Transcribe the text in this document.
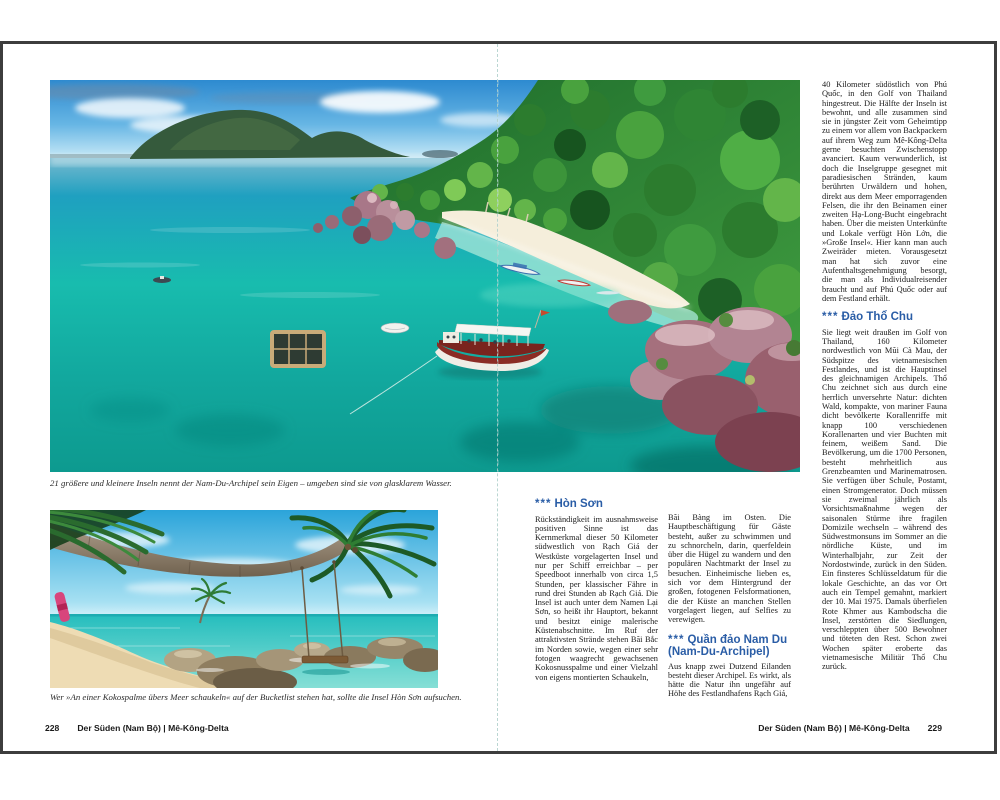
21 größere und kleinere Inseln nennt der Nam-Du-Archipel sein Eigen – umgeben sind sie von glasklarem Wasser.
Wer »An einer Kokospalme übers Meer schaukeln« auf der Bucketlist stehen hat, sollte die Insel Hòn Sơn aufsuchen.
*** Hòn Sơn
Rückständigkeit im ausnahmsweise positiven Sinne ist das Kernmerkmal dieser 50 Kilometer südwestlich von Rạch Giá der Westküste vorgelagerten Insel und nur per Schiff erreichbar – per Speedboot innerhalb von circa 1,5 Stunden, per klassischer Fähre in rund drei Stunden ab Rạch Giá. Die Insel ist auch unter dem Namen Lại Sơn, so heißt ihr Hauptort, bekannt und besitzt einige malerische Küstenabschnitte. Im Ruf der attraktivsten Strände stehen Bãi Bắc im Norden sowie, wegen einer sehr fotogen waagrecht gewachsenen Kokosnusspalme und einer Vielzahl von eigens montierten Schaukeln,
Bãi Bàng im Osten. Die Hauptbeschäftigung für Gäste besteht, außer zu schwimmen und zu schnorcheln, darin, querfeldein über die Hügel zu wandern und den populären Nachtmarkt der Insel zu besuchen. Einheimische lieben es, sich vor dem Hintergrund der großen, fotogenen Felsformationen, die der Küste an manchen Stellen vorgelagert liegen, auf Selfies zu verewigen.
*** Quần đảo Nam Du (Nam-Du-Archipel)
Aus knapp zwei Dutzend Eilanden besteht dieser Archipel. Es wirkt, als hätte die Natur ihn ungefähr auf Höhe des Festlandhafens Rạch Giá,
40 Kilometer südöstlich von Phú Quốc, in den Golf von Thailand hingestreut. Die Hälfte der Inseln ist bewohnt, und alle zusammen sind sie in jüngster Zeit vom Geheimtipp zu einem vor allem von Backpackern auf ihrem Weg zum Mê-Kông-Delta gerne besuchten Zwischenstopp avanciert. Kaum verwunderlich, ist doch die Inselgruppe gesegnet mit paradiesischen Stränden, kaum berührten Urwäldern und hohen, direkt aus dem Meer emporragenden Felsen, die ihr den Beinamen einer zweiten Hạ-Long-Bucht eingebracht haben. Über die meisten Unterkünfte und Lokale verfügt Hòn Lớn, die »Große Insel«. Hier kann man auch Zweiräder mieten. Vorausgesetzt man hat sich zuvor eine Aufenthaltsgenehmigung besorgt, die man als Individualreisender braucht und auf Phú Quốc oder auf dem Festland erhält.
*** Đảo Thổ Chu
Sie liegt weit draußen im Golf von Thailand, 160 Kilometer nordwestlich von Mũi Cà Mau, der Südspitze des vietnamesischen Festlandes, und ist die Hauptinsel des gleichnamigen Archipels. Thổ Chu zeichnet sich aus durch eine herrlich unversehrte Natur: dichten Wald, kompakte, von mariner Fauna dicht bevölkerte Korallenriffe mit knapp 100 verschiedenen Korallenarten und vier Buchten mit feinem, weißem Sand. Die Bevölkerung, um die 1700 Personen, besteht mehrheitlich aus Grenzbeamten und Marinematrosen. Sie verfügen über Schule, Postamt, einen Stromgenerator. Doch müssen sie zweimal jährlich als Vorsichtsmaßnahme wegen der saisonalen Stürme ihre fragilen Domizile wechseln – während des Südwestmonsuns im Sommer an die nördliche Küste, und im Winterhalbjahr, zur Zeit der Nordostwinde, zurück in den Süden. Ein finsteres Schlüsseldatum für die lokale Geschichte, an das vor Ort auch ein Tempel gemahnt, markiert der 10. Mai 1975. Damals überfielen Rote Khmer aus Kambodscha die Insel, zerstörten die Siedlungen, verschleppten über 500 Bewohner und töteten den Rest. Schon zwei Wochen später eroberte das vietnamesische Militär Thổ Chu zurück.
228 Der Süden (Nam Bộ) | Mê-Kông-Delta	Der Süden (Nam Bộ) | Mê-Kông-Delta 229
